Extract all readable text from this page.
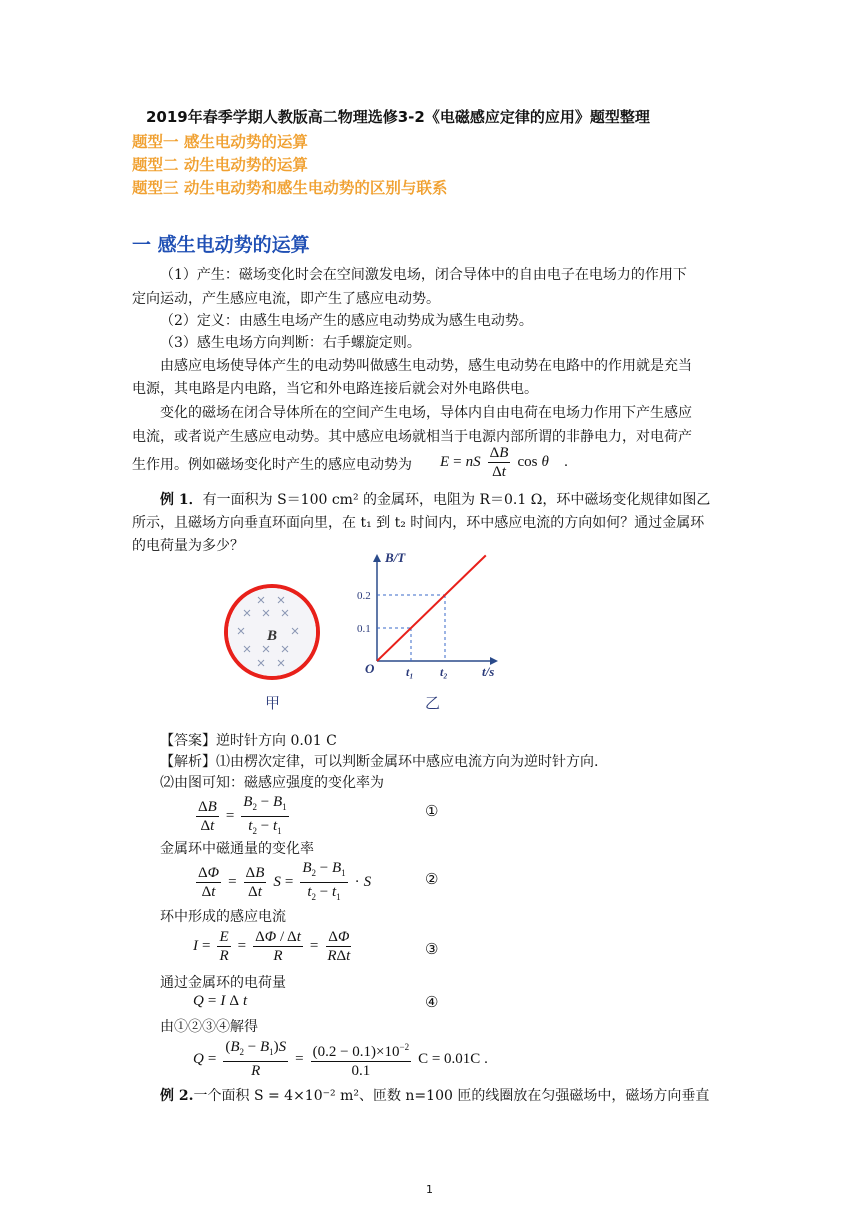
2019年春季学期人教版高二物理选修3-2《电磁感应定律的应用》题型整理
题型一 感生电动势的运算
题型二 动生电动势的运算
题型三 动生电动势和感生电动势的区别与联系
一 感生电动势的运算
（1）产生：磁场变化时会在空间激发电场，闭合导体中的自由电子在电场力的作用下
定向运动，产生感应电流，即产生了感应电动势。
（2）定义：由感生电场产生的感应电动势成为感生电动势。
（3）感生电场方向判断：右手螺旋定则。
由感应电场使导体产生的电动势叫做感生电动势，感生电动势在电路中的作用就是充当
电源，其电路是内电路，当它和外电路连接后就会对外电路供电。
变化的磁场在闭合导体所在的空间产生电场，导体内自由电荷在电场力作用下产生感应
电流，或者说产生感应电动势。其中感应电场就相当于电源内部所谓的非静电力，对电荷产
生作用。例如磁场变化时产生的感应电动势为 E = nS $\frac{\Delta B}{\Delta t}$ cos θ .
例 1．有一面积为 S＝100 cm² 的金属环，电阻为 R＝0.1 Ω，环中磁场变化规律如图乙
所示，且磁场方向垂直环面向里，在 t₁ 到 t₂ 时间内，环中感应电流的方向如何？通过金属环
的电荷量为多少？
B
甲
B/T
t/s
O	t₁ t₂
0.1
0.2
乙
【答案】逆时针方向 0.01 C
【解析】⑴由楞次定律，可以判断金属环中感应电流方向为逆时针方向.
⑵由图可知：磁感应强度的变化率为
$\frac{\Delta B}{\Delta t} = \frac{B_2 - B_1}{t_2 - t_1}$	①
金属环中磁通量的变化率
$\frac{\Delta\Phi}{\Delta t} = \frac{\Delta B}{\Delta t}$ $S = \frac{B_2 - B_1}{t_2 - t_1} \cdot S$	②
环中形成的感应电流
$I = \frac{E}{R} = \frac{\Delta\Phi / \Delta t}{R} = \frac{\Delta\Phi}{\text{RΔt}}$	③
通过金属环的电荷量
Q = I Δ t	④
由①②③④解得
$Q = \frac{(B_2 - B_1)S}{R} = \frac{(0.2 - 0.1)\times 10^{-2}}{0.1}$ C = 0.01C .
例 2.一个面积 S = 4×10⁻² m²、匝数 n=100 匝的线圈放在匀强磁场中，磁场方向垂直
1
